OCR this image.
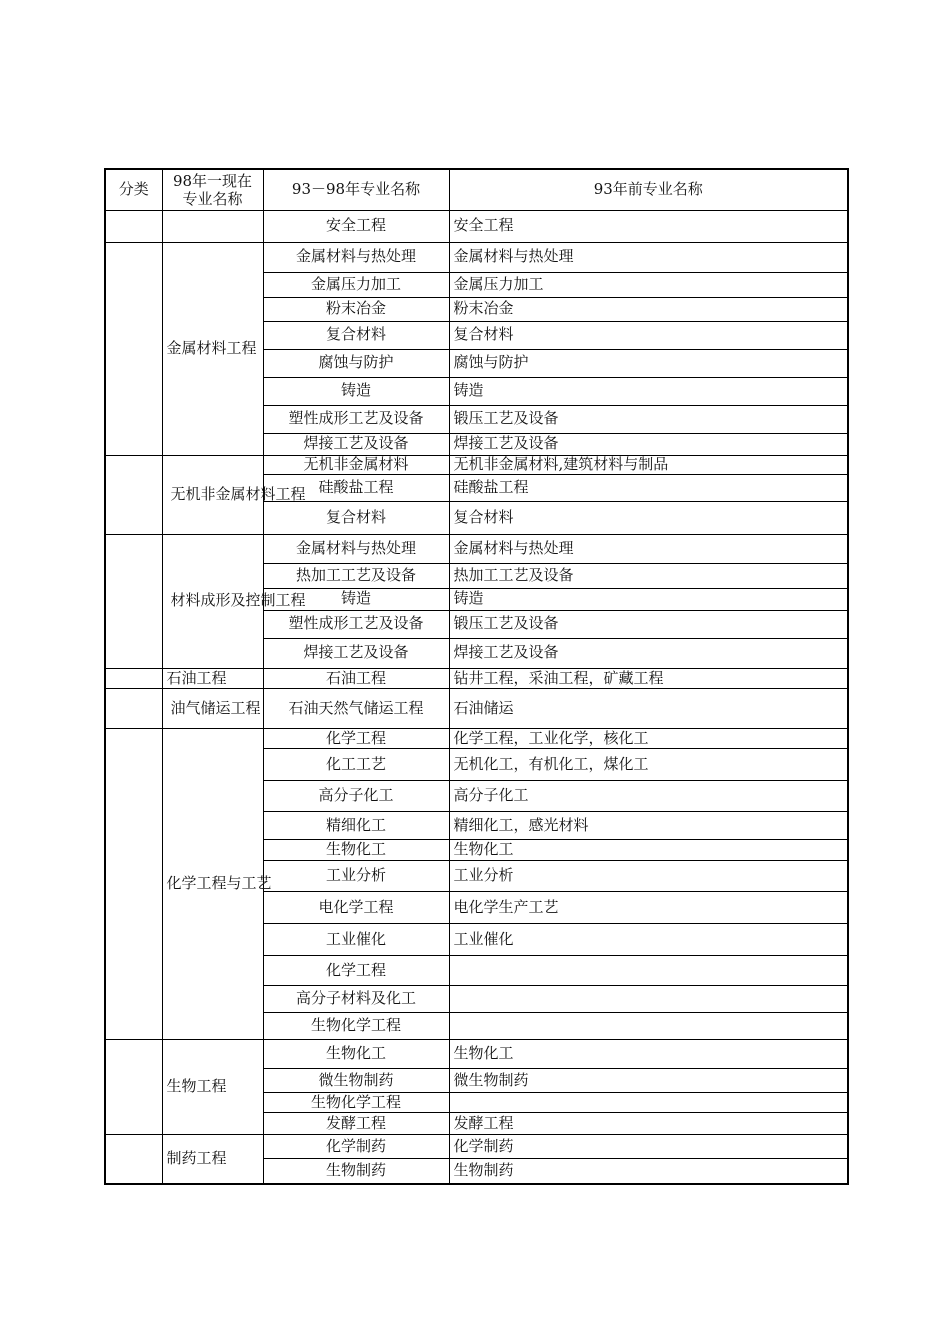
分类	98年一现在 专业名称	93－98年专业名称	93年前专业名称
		安全工程	安全工程
	金属材料工程	金属材料与热处理	金属材料与热处理
		金属压力加工	金属压力加工
		粉末冶金	粉末冶金
		复合材料	复合材料
		腐蚀与防护	腐蚀与防护
		铸造	铸造
		塑性成形工艺及设备	锻压工艺及设备
		焊接工艺及设备	焊接工艺及设备
	无机非金属材料工程	无机非金属材料	无机非金属材料,建筑材料与制品
		硅酸盐工程	硅酸盐工程
		复合材料	复合材料
	材料成形及控制工程	金属材料与热处理	金属材料与热处理
		热加工工艺及设备	热加工工艺及设备
		铸造	铸造
		塑性成形工艺及设备	锻压工艺及设备
		焊接工艺及设备	焊接工艺及设备
	石油工程	石油工程	钻井工程，采油工程，矿藏工程
	油气储运工程	石油天然气储运工程	石油储运
	化学工程与工艺	化学工程	化学工程，工业化学，核化工
		化工工艺	无机化工，有机化工，煤化工
		高分子化工	高分子化工
		精细化工	精细化工，感光材料
		生物化工	生物化工
		工业分析	工业分析
		电化学工程	电化学生产工艺
		工业催化	工业催化
		化学工程	
		高分子材料及化工	
		生物化学工程	
	生物工程	生物化工	生物化工
		微生物制药	微生物制药
		生物化学工程	
		发酵工程	发酵工程
	制药工程	化学制药	化学制药
		生物制药	生物制药
